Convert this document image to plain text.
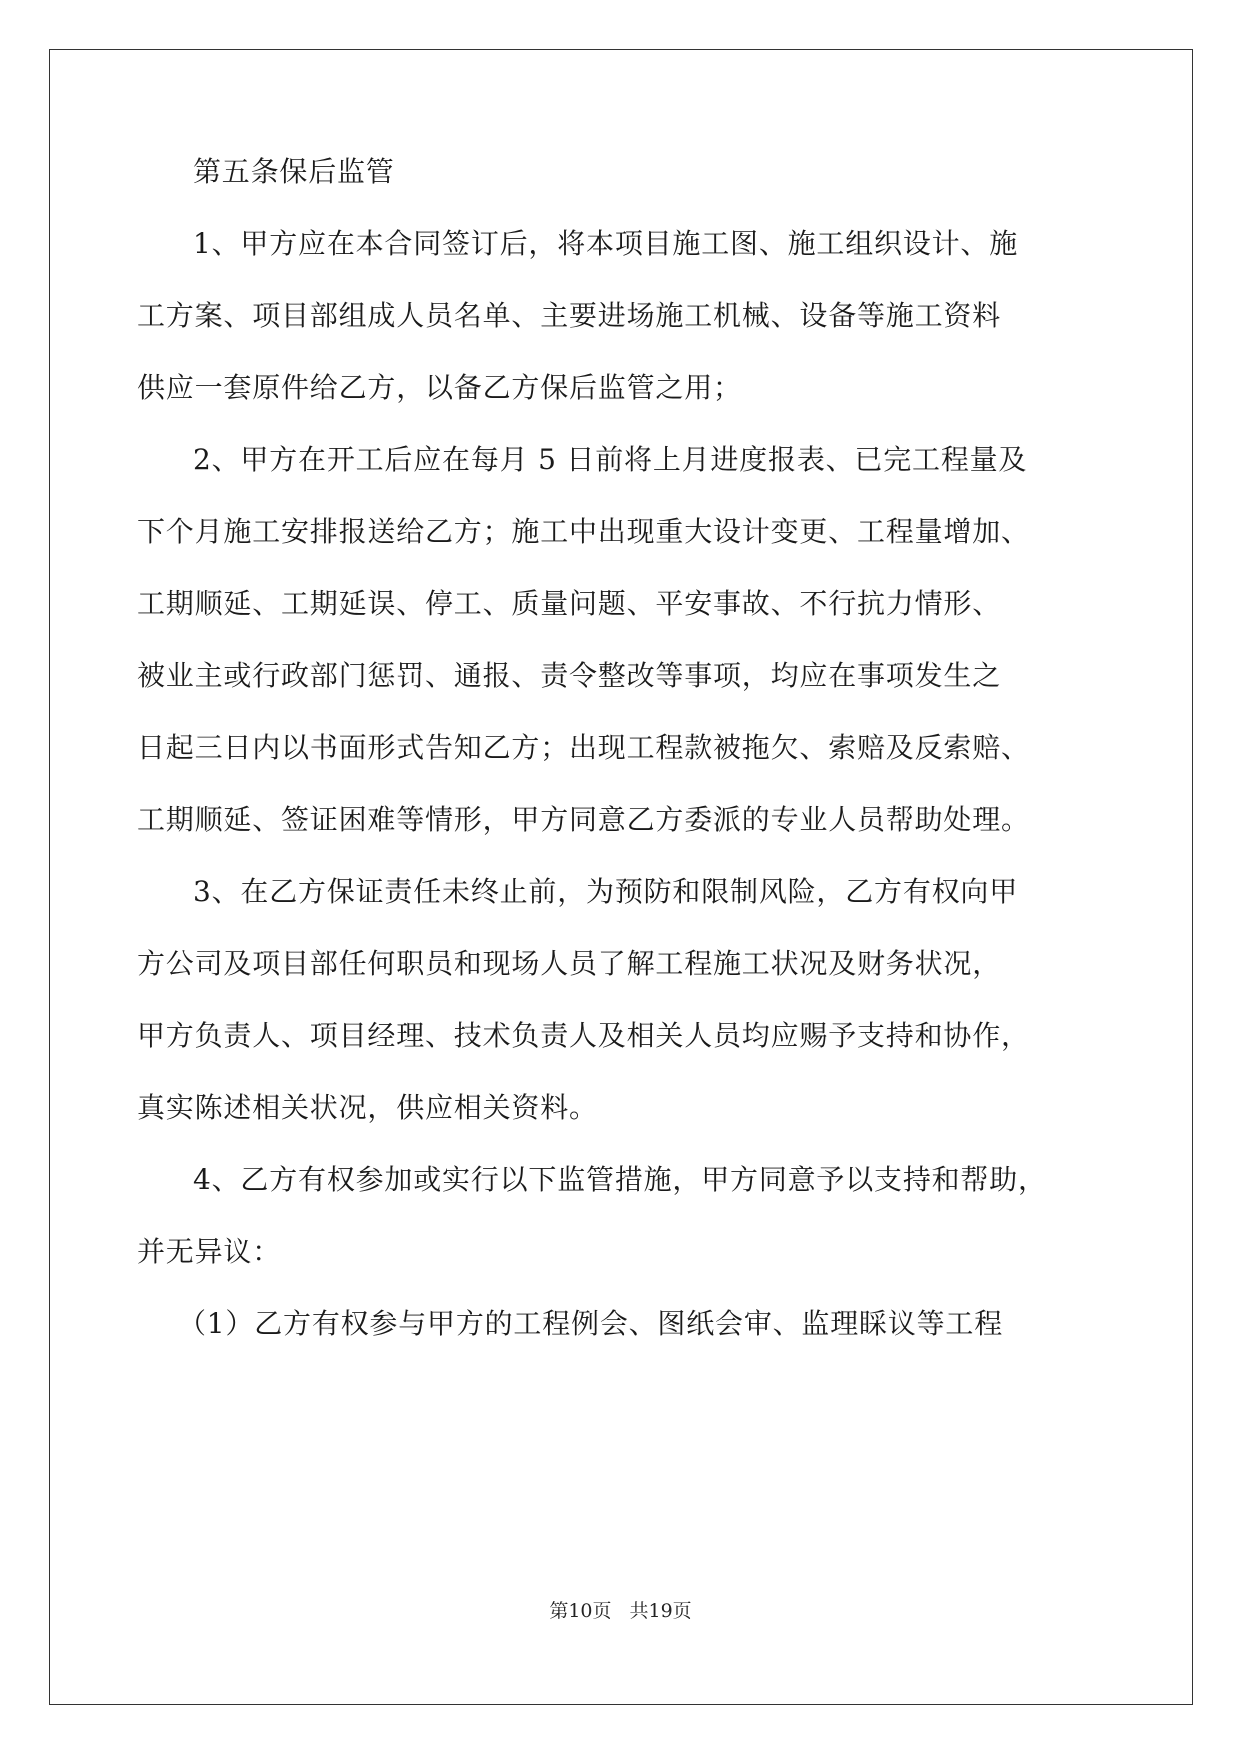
第五条保后监管
1、甲方应在本合同签订后，将本项目施工图、施工组织设计、施
工方案、项目部组成人员名单、主要进场施工机械、设备等施工资料
供应一套原件给乙方，以备乙方保后监管之用；
2、甲方在开工后应在每月 5 日前将上月进度报表、已完工程量及
下个月施工安排报送给乙方；施工中出现重大设计变更、工程量增加、
工期顺延、工期延误、停工、质量问题、平安事故、不行抗力情形、
被业主或行政部门惩罚、通报、责令整改等事项，均应在事项发生之
日起三日内以书面形式告知乙方；出现工程款被拖欠、索赔及反索赔、
工期顺延、签证困难等情形，甲方同意乙方委派的专业人员帮助处理。
3、在乙方保证责任未终止前，为预防和限制风险，乙方有权向甲
方公司及项目部任何职员和现场人员了解工程施工状况及财务状况，
甲方负责人、项目经理、技术负责人及相关人员均应赐予支持和协作，
真实陈述相关状况，供应相关资料。
4、乙方有权参加或实行以下监管措施，甲方同意予以支持和帮助，
并无异议：
（1）乙方有权参与甲方的工程例会、图纸会审、监理睬议等工程
第10页 共19页
